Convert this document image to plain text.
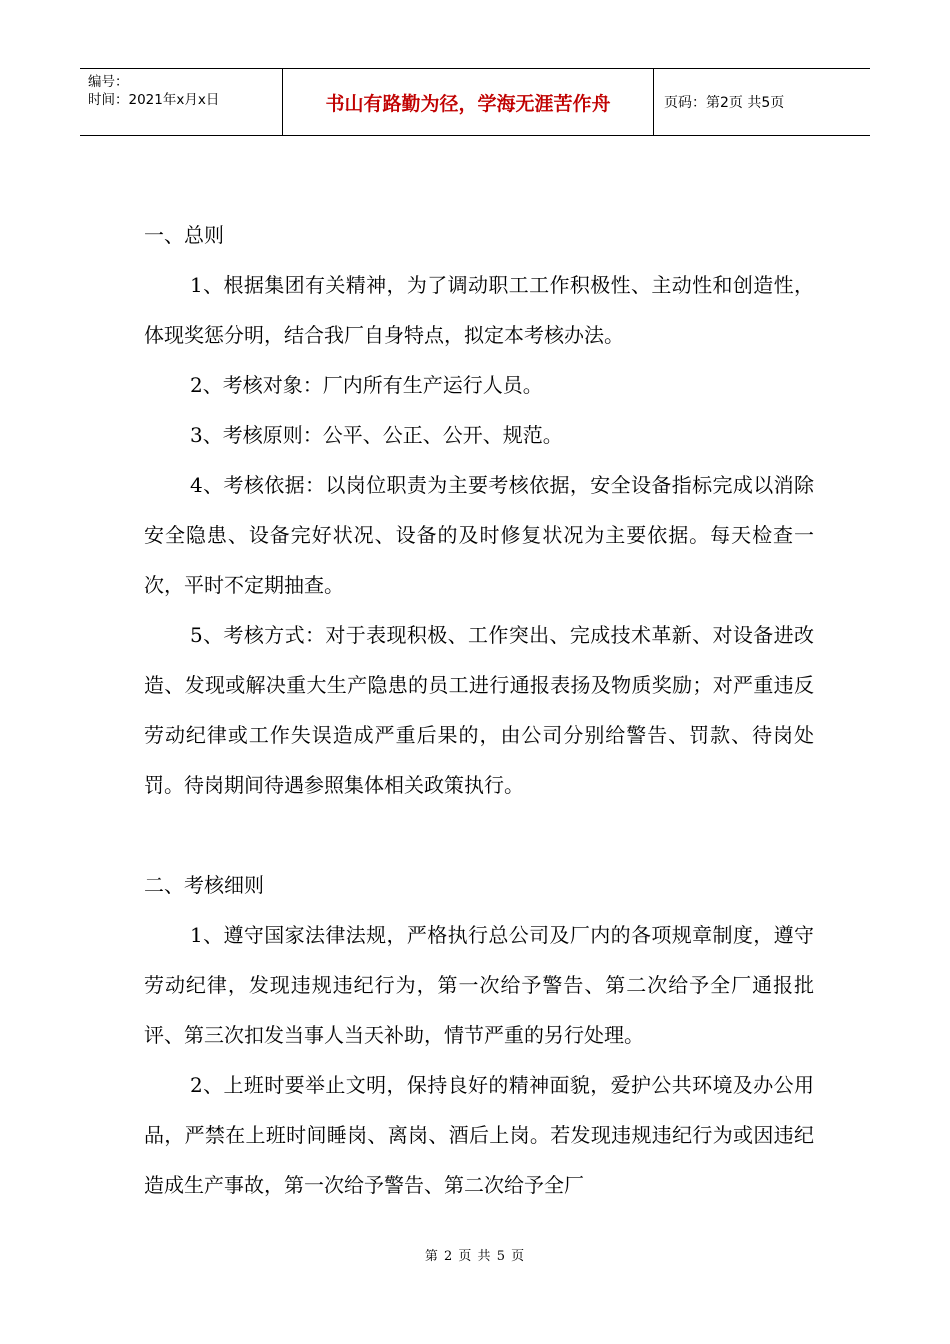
编号：
时间：2021年x月x日	书山有路勤为径，学海无涯苦作舟	页码：第2页 共5页

一、总则

1、根据集团有关精神，为了调动职工工作积极性、主动性和创造性，体现奖惩分明，结合我厂自身特点，拟定本考核办法。

2、考核对象：厂内所有生产运行人员。

3、考核原则：公平、公正、公开、规范。

4、考核依据：以岗位职责为主要考核依据，安全设备指标完成以消除安全隐患、设备完好状况、设备的及时修复状况为主要依据。每天检查一次，平时不定期抽查。

5、考核方式：对于表现积极、工作突出、完成技术革新、对设备进改造、发现或解决重大生产隐患的员工进行通报表扬及物质奖励；对严重违反劳动纪律或工作失误造成严重后果的，由公司分别给警告、罚款、待岗处罚。待岗期间待遇参照集体相关政策执行。

二、考核细则

1、遵守国家法律法规，严格执行总公司及厂内的各项规章制度，遵守劳动纪律，发现违规违纪行为，第一次给予警告、第二次给予全厂通报批评、第三次扣发当事人当天补助，情节严重的另行处理。

2、上班时要举止文明，保持良好的精神面貌，爱护公共环境及办公用品，严禁在上班时间睡岗、离岗、酒后上岗。若发现违规违纪行为或因违纪造成生产事故，第一次给予警告、第二次给予全厂

第 2 页 共 5 页
